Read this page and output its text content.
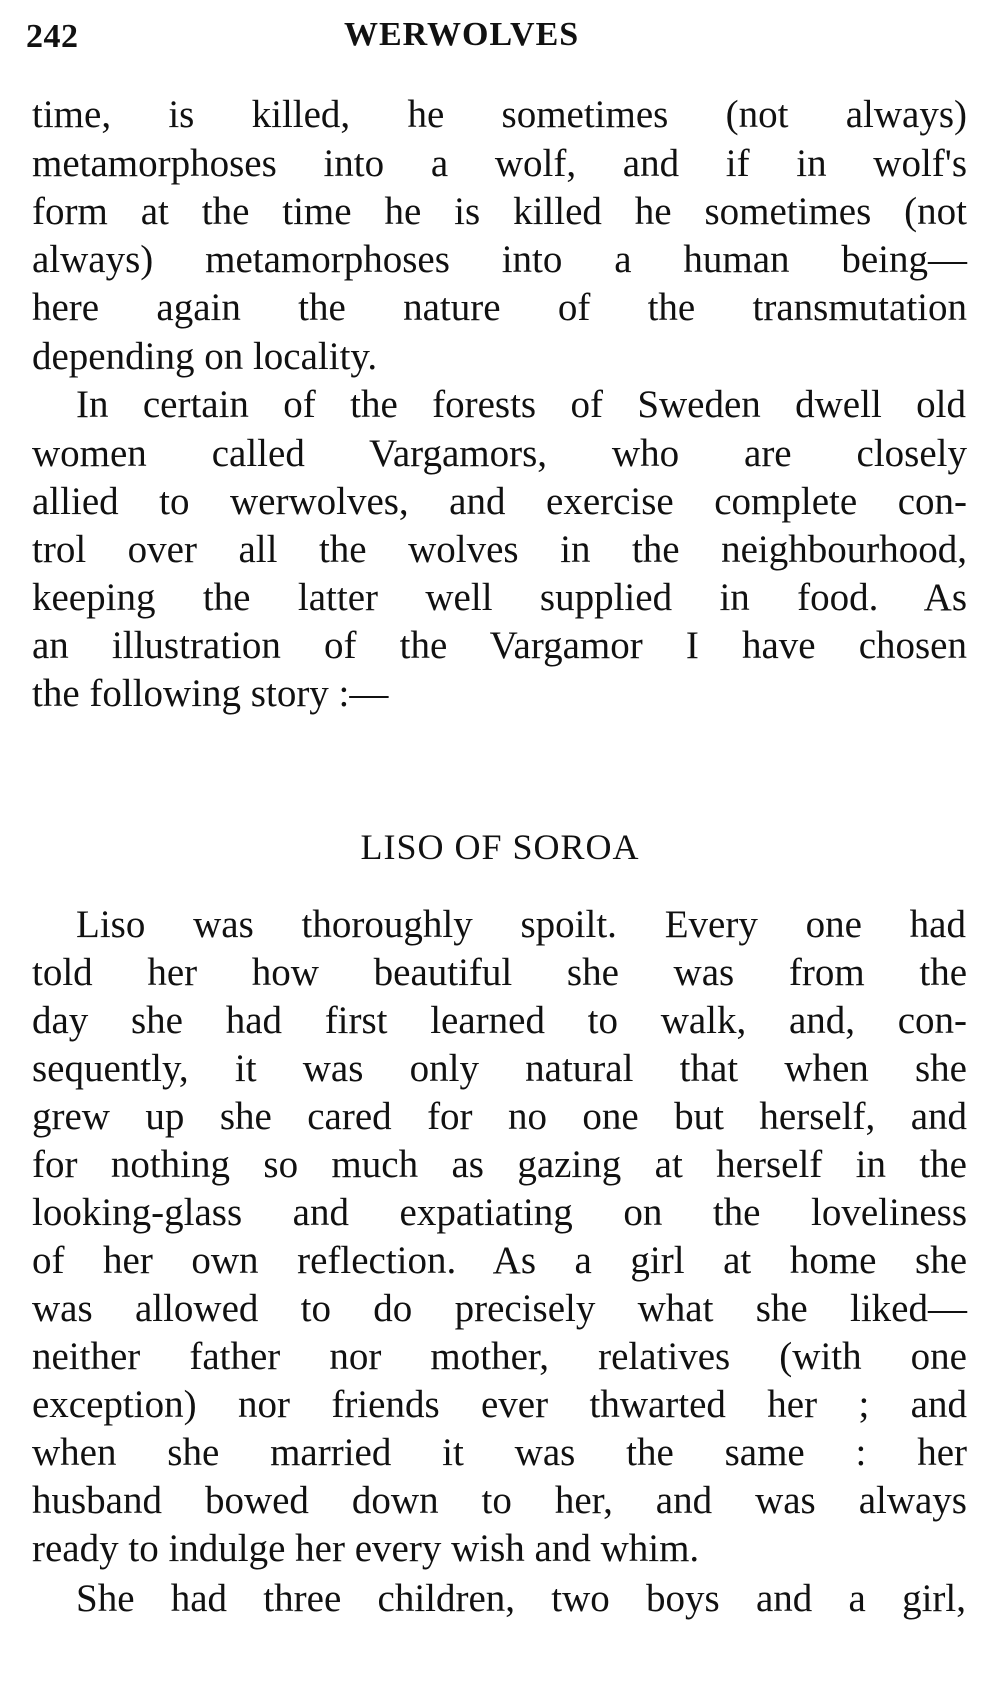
242	WERWOLVES
time, is killed, he sometimes (not always)
metamorphoses into a wolf, and if in wolf's
form at the time he is killed he sometimes (not
always) metamorphoses into a human being—
here again the nature of the transmutation
depending on locality.
In certain of the forests of Sweden dwell old
women called Vargamors, who are closely
allied to werwolves, and exercise complete con-
trol over all the wolves in the neighbourhood,
keeping the latter well supplied in food. As
an illustration of the Vargamor I have chosen
the following story :—
LISO OF SOROA
Liso was thoroughly spoilt. Every one had
told her how beautiful she was from the
day she had first learned to walk, and, con-
sequently, it was only natural that when she
grew up she cared for no one but herself, and
for nothing so much as gazing at herself in the
looking-glass and expatiating on the loveliness
of her own reflection. As a girl at home she
was allowed to do precisely what she liked—
neither father nor mother, relatives (with one
exception) nor friends ever thwarted her ; and
when she married it was the same : her
husband bowed down to her, and was always
ready to indulge her every wish and whim.
She had three children, two boys and a girl,
